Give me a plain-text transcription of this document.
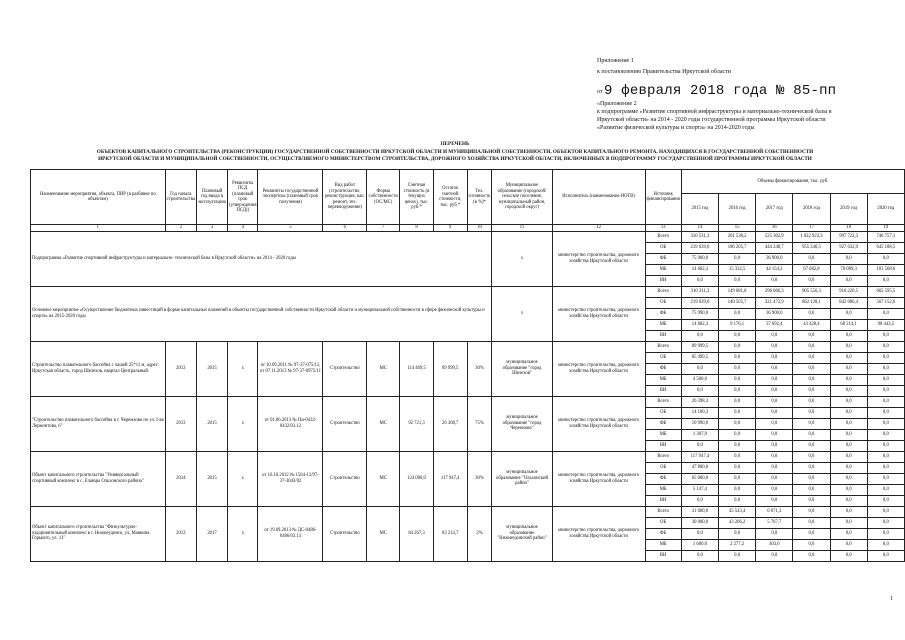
Приложение 1
к постановлению Правительства Иркутской области
от 9 февраля 2018 года № 85-пп
«Приложение 2
к подпрограмме «Развитие спортивной инфраструктуры и материально-технической базы в
Иркутской области» на 2014 - 2020 годы государственной программы Иркутской области
«Развитие физической культуры и спорта» на 2014-2020 годы
ПЕРЕЧЕНЬ
ОБЪЕКТОВ КАПИТАЛЬНОГО СТРОИТЕЛЬСТВА (РЕКОНСТРУКЦИИ) ГОСУДАРСТВЕННОЙ СОБСТВЕННОСТИ ИРКУТСКОЙ ОБЛАСТИ И МУНИЦИПАЛЬНОЙ СОБСТВЕННОСТИ, ОБЪЕКТОВ КАПИТАЛЬНОГО РЕМОНТА, НАХОДЯЩИХСЯ В ГОСУДАРСТВЕННОЙ СОБСТВЕННОСТИ
ИРКУТСКОЙ ОБЛАСТИ И МУНИЦИПАЛЬНОЙ СОБСТВЕННОСТИ, ОСУЩЕСТВЛЯЕМОГО МИНИСТЕРСТВОМ СТРОИТЕЛЬСТВА, ДОРОЖНОГО ХОЗЯЙСТВА ИРКУТСКОЙ ОБЛАСТИ, ВКЛЮЧЕННЫХ В ПОДПРОГРАММУ ГОСУДАРСТВЕННОЙ ПРОГРАММЫ ИРКУТСКОЙ ОБЛАСТИ
Наименование мероприятия, объекта, ПИР (в разбивке по объектам)	Год начала строительства	Плановый год ввода в эксплуатацию	Реквизиты ПСД (плановый срок (утверждения ПСД))	Реквизиты государственной экспертизы (плановый срок получения)	Вид работ (строительство, реконструкция, кап. ремонт, тех. перевооружение)	Форма собственности (ОС/МС)	Сметная стоимость (в текущих ценах), тыс. руб.*	Остаток сметной стоимости, тыс. руб.*	Тех. готовность (в %)*	Муниципальное образование (городской/сельское поселение, муниципальный район, городской округ)	Исполнитель (наименование ИОГВ)	Источник финансирования	Объемы финансирования, тыс. руб.					
													2015 год	2016 год	2017 год	2018 год	2019 год	2020 год
1	2	3	4	5	6	7	8	9	10	11	12	13	14	15	16	17	18	19
Подпрограмма «Развитие спортивной инфраструктуры и материально- технической базы в Иркутской области» на 2014 - 2020 годы										х	министерство строительства, дорожного хозяйства Иркутской области	Всего	310 531,3	201 538,2	525 302,9	1 022 923,3	997 722,3	746 757,1
												ОБ	219 639,0	186 205,7	444 248,7	955 240,5	927 632,9	645 188,5
												ФБ	75 960,0	0,0	36 900,0	0,0	0,0	0,0
												МБ	14 682,3	15 332,5	44 154,2	67 682,8	70 089,3	101 568,6
												ВИ	0,0	0,0	0,0	0,0	0,0	0,0
Основное мероприятие «Осуществление бюджетных инвестиций в форме капитальных вложений в объекты государственной собственности Иркутской области и муниципальной собственности в сфере физической культуры и спорта» на 2015-2020 годы										х	министерство строительства, дорожного хозяйства Иркутской области	Всего	310 311,3	149 681,8	396 066,3	905 556,3	910 220,5	665 595,5
												ОБ	219 639,0	140 505,7	321 473,9	862 128,1	842 006,4	567 152,0
												ФБ	75 990,0	0,0	36 900,0	0,0	0,0	0,0
												МБ	14 682,3	9 176,1	37 692,4	43 428,4	68 214,1	98 443,5
												ВИ	0,0	0,0	0,0	0,0	0,0	0,0
Строительство плавательного бассейна с чашей 25*11 м, адрес: Иркутская область, город Шелехов, квартал Центральный.	2013	2015	х	от 10.09.2011 № 97-37-075/11, от 07.11.2013 № 97-37-0975/11	Строительство	МС	114 469,5	89 999,5	30%	муниципальное образование "город Шелехов"	министерство строительства, дорожного хозяйства Иркутской области	Всего	89 999,5	0,0	0,0	0,0	0,0	0,0
												ОБ	85 499,5	0,0	0,0	0,0	0,0	0,0
												ФБ	0,0	0,0	0,0	0,0	0,0	0,0
												МБ	4 500,0	0,0	0,0	0,0	0,0	0,0
												ВИ	0,0	0,0	0,0	0,0	0,0	0,0
"Строительство плавательного бассейна в г. Черемхово по ул. І-ая Лермонтова, 6"	2013	2015	х	от 01.06.2013 № Пи-0432-0432/03.12	Строительство	МС	92 721,3	26 308,7	75%	муниципальное образование "город Черемхово"	министерство строительства, дорожного хозяйства Иркутской области	Всего	26 398,3	0,0	0,0	0,0	0,0	0,0
												ОБ	14 100,3	0,0	0,0	0,0	0,0	0,0
												ФБ	10 990,0	0,0	0,0	0,0	0,0	0,0
												МБ	1 307,9	0,0	0,0	0,0	0,0	0,0
												ВИ	0,0	0,0	0,0	0,0	0,0	0,0
Объект капитального строительства "Универсальный спортивный комплекс в с. Еланцы Ольхонского района"	2014	2015	х	от 16.10.2012 № 1564-12/97-37-3043/02	Строительство	МС	124 000,0	117 947,4	30%	муниципальное образование "Ольхонский район"	министерство строительства, дорожного хозяйства Иркутской области	Всего	117 947,4	0,0	0,0	0,0	0,0	0,0
												ОБ	47 800,0	0,0	0,0	0,0	0,0	0,0
												ФБ	65 000,0	0,0	0,0	0,0	0,0	0,0
												МБ	5 147,4	0,0	0,0	0,0	0,0	0,0
												ВИ	0,0	0,0	0,0	0,0	0,0	0,0
Объект капитального строительства "Физкультурно-оздоровительный комплекс в г. Нижнеудинск, ул. Маякина Горького, ул. 11"	2013	2017	х	от 19.09.2013 № ДС-0486-0486/03.13	Строительство	МС	84 267,3	83 214,7	2%	муниципальное образование "Нижнеудинский район"	министерство строительства, дорожного хозяйства Иркутской области	Всего	31 600,0	45 543,4	6 071,3	0,0	0,0	0,0
												ОБ	30 000,0	43 266,2	5 767,7	0,0	0,0	0,0
												ФБ	0,0	0,0	0,0	0,0	0,0	0,0
												МБ	1 600,0	2 277,2	303,6	0,0	0,0	0,0
												ВИ	0,0	0,0	0,0	0,0	0,0	0,0
1
